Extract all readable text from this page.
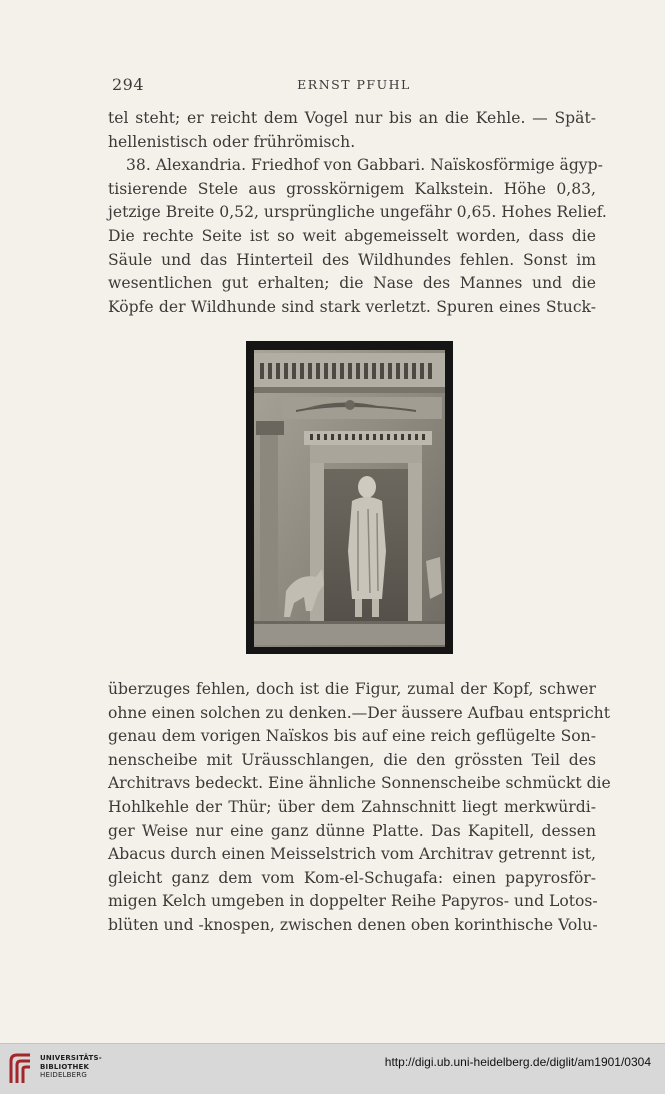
294	ERNST PFUHL
tel steht; er reicht dem Vogel nur bis an die Kehle. — Spät-
hellenistisch oder frührömisch.
38. Alexandria. Friedhof von Gabbari. Naïskosförmige ägyp-
tisierende Stele aus grosskörnigem Kalkstein. Höhe 0,83,
jetzige Breite 0,52, ursprüngliche ungefähr 0,65. Hohes Relief.
Die rechte Seite ist so weit abgemeisselt worden, dass die
Säule und das Hinterteil des Wildhundes fehlen. Sonst im
wesentlichen gut erhalten; die Nase des Mannes und die
Köpfe der Wildhunde sind stark verletzt. Spuren eines Stuck-
überzuges fehlen, doch ist die Figur, zumal der Kopf, schwer
ohne einen solchen zu denken.—Der äussere Aufbau entspricht
genau dem vorigen Naïskos bis auf eine reich geflügelte Son-
nenscheibe mit Uräusschlangen, die den grössten Teil des
Architravs bedeckt. Eine ähnliche Sonnenscheibe schmückt die
Hohlkehle der Thür; über dem Zahnschnitt liegt merkwürdi-
ger Weise nur eine ganz dünne Platte. Das Kapitell, dessen
Abacus durch einen Meisselstrich vom Architrav getrennt ist,
gleicht ganz dem vom Kom-el-Schugafa: einen papyrosför-
migen Kelch umgeben in doppelter Reihe Papyros- und Lotos-
blüten und -knospen, zwischen denen oben korinthische Volu-
UNIVERSITÄTS-
BIBLIOTHEK
HEIDELBERG
http://digi.ub.uni-heidelberg.de/diglit/am1901/0304
